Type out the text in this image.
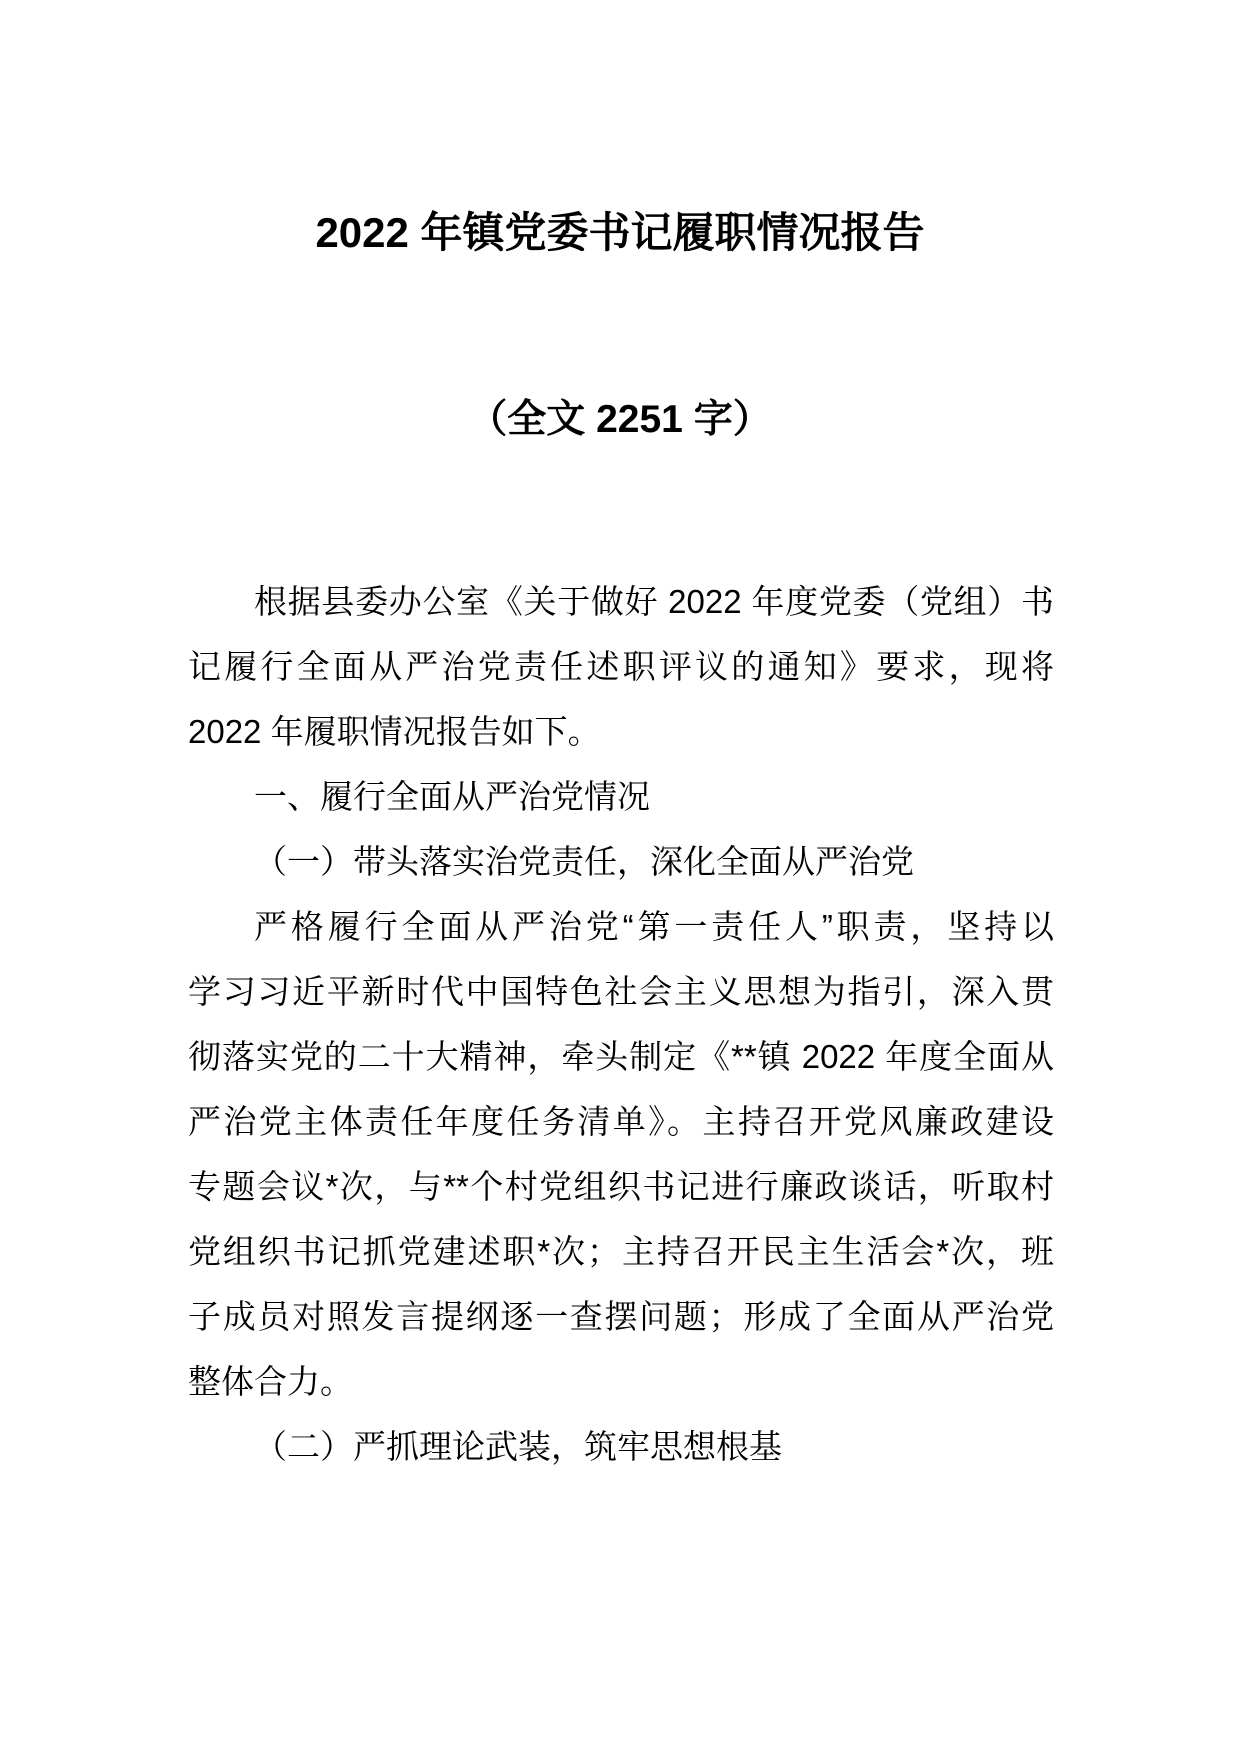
2022 年镇党委书记履职情况报告
（全文 2251 字）
根据县委办公室《关于做好 2022 年度党委（党组）书
记履行全面从严治党责任述职评议的通知》要求，现将
2022 年履职情况报告如下。
一、履行全面从严治党情况
（一）带头落实治党责任，深化全面从严治党
严格履行全面从严治党“第一责任人”职责，坚持以
学习习近平新时代中国特色社会主义思想为指引，深入贯
彻落实党的二十大精神，牵头制定《**镇 2022 年度全面从
严治党主体责任年度任务清单》。主持召开党风廉政建设
专题会议*次，与**个村党组织书记进行廉政谈话，听取村
党组织书记抓党建述职*次；主持召开民主生活会*次，班
子成员对照发言提纲逐一查摆问题；形成了全面从严治党
整体合力。
（二）严抓理论武装，筑牢思想根基
